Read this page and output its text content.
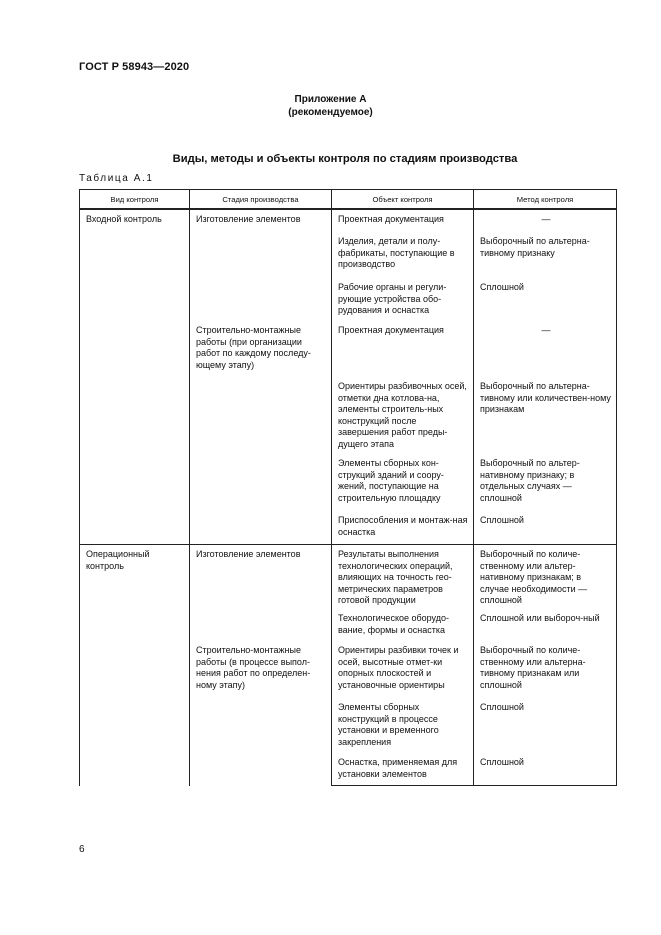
ГОСТ Р 58943—2020
Приложение А
(рекомендуемое)
Виды, методы и объекты контроля по стадиям производства
Таблица А.1
Вид контроля	Стадия производства	Объект контроля	Метод контроля
Входной контроль	Изготовление элементов	Проектная документация	—
		Изделия, детали и полу-фабрикаты, поступающие в производство	Выборочный по альтерна-тивному признаку
		Рабочие органы и регули-рующие устройства обо-рудования и оснастка	Сплошной
	Строительно-монтажные работы (при организации работ по каждому последу-ющему этапу)	Проектная документация	—
		Ориентиры разбивочных осей, отметки дна котлова-на, элементы строитель-ных конструкций после завершения работ преды-дущего этапа	Выборочный по альтерна-тивному или количествен-ному признакам
		Элементы сборных кон-струкций зданий и соору-жений, поступающие на строительную площадку	Выборочный по альтер-нативному признаку; в отдельных случаях — сплошной
		Приспособления и монтаж-ная оснастка	Сплошной
Операционный контроль	Изготовление элементов	Результаты выполнения технологических операций, влияющих на точность гео-метрических параметров готовой продукции	Выборочный по количе-ственному или альтер-нативному признакам; в случае необходимости — сплошной
		Технологическое оборудо-вание, формы и оснастка	Сплошной или выбороч-ный
	Строительно-монтажные работы (в процессе выпол-нения работ по определен-ному этапу)	Ориентиры разбивки точек и осей, высотные отмет-ки опорных плоскостей и установочные ориентиры	Выборочный по количе-ственному или альтерна-тивному признакам или сплошной
		Элементы сборных конструкций в процессе установки и временного закрепления	Сплошной
		Оснастка, применяемая для установки элементов	Сплошной
6
